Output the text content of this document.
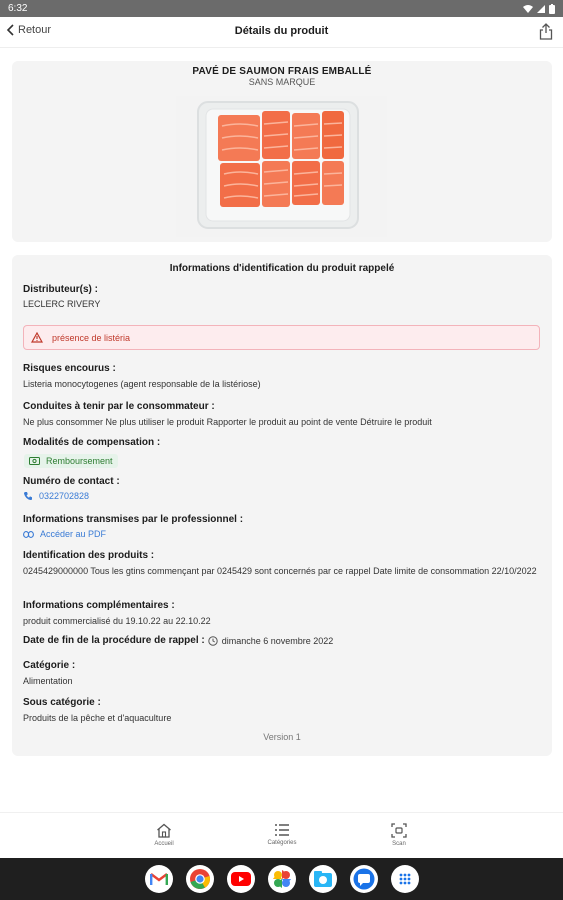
6:32
Retour	Détails du produit
PAVÉ DE SAUMON FRAIS EMBALLÉ
SANS MARQUE
Informations d'identification du produit rappelé
Distributeur(s) :
LECLERC RIVERY
présence de listéria
Risques encourus :
Listeria monocytogenes (agent responsable de la listériose)
Conduites à tenir par le consommateur :
Ne plus consommer Ne plus utiliser le produit Rapporter le produit au point de vente Détruire le produit
Modalités de compensation :
Remboursement
Numéro de contact :
0322702828
Informations transmises par le professionnel :
Accéder au PDF
Identification des produits :
0245429000000 Tous les gtins commençant par 0245429 sont concernés par ce rappel Date limite de consommation 22/10/2022
Informations complémentaires :
produit commercialisé du 19.10.22 au 22.10.22
Date de fin de la procédure de rappel : dimanche 6 novembre 2022
Catégorie :
Alimentation
Sous catégorie :
Produits de la pêche et d'aquaculture
Version 1
Accueil	Catégories	Scan
